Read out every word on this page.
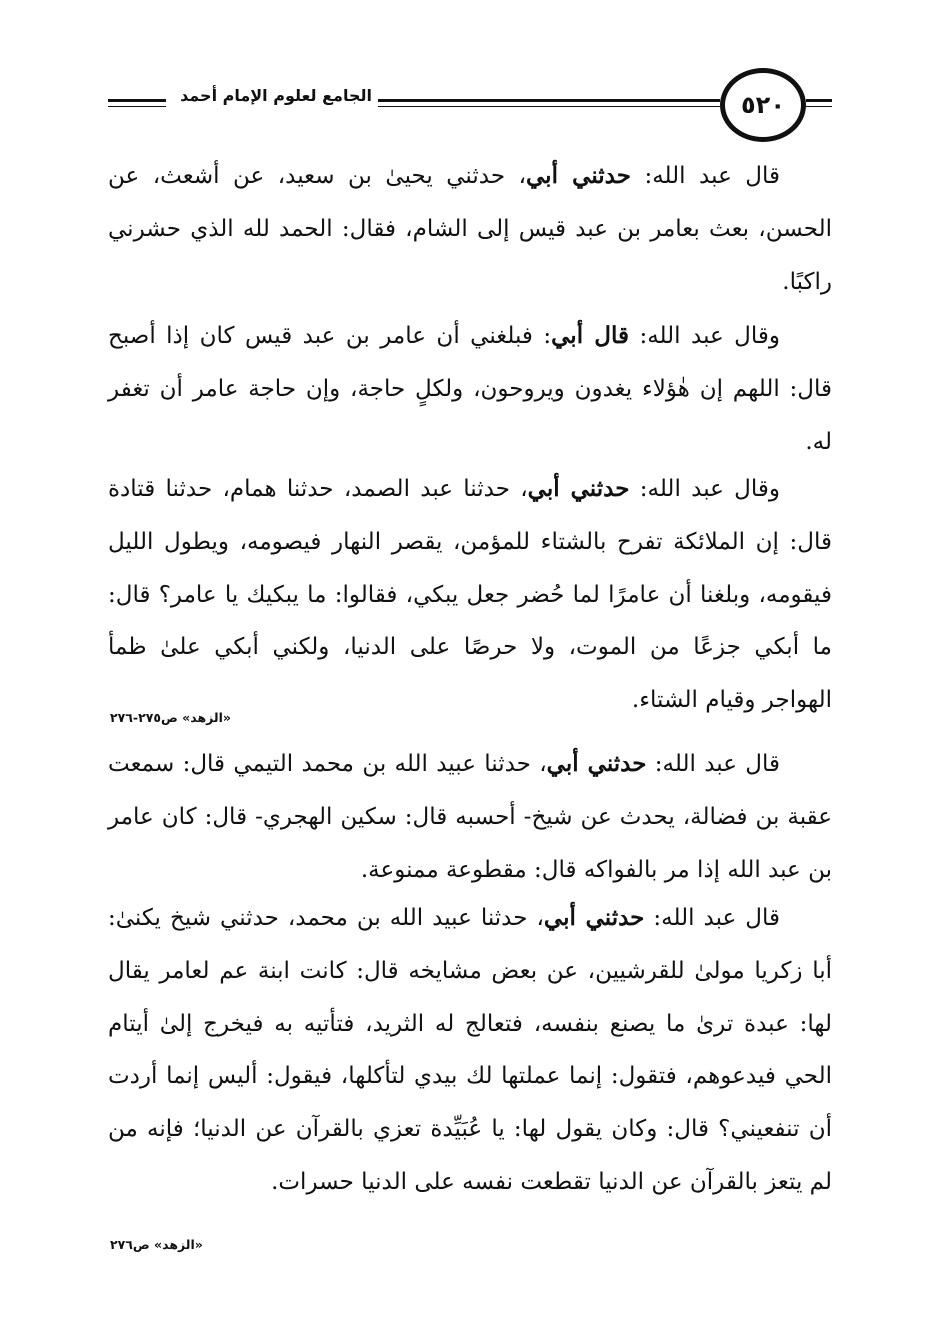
الجامع لعلوم الإمام أحمد	٥٢٠

قال عبد الله: حدثني أبي، حدثني يحيىٰ بن سعيد، عن أشعث، عن الحسن، بعث بعامر بن عبد قيس إلى الشام، فقال: الحمد لله الذي حشرني راكبًا.

وقال عبد الله: قال أبي: فبلغني أن عامر بن عبد قيس كان إذا أصبح قال: اللهم إن هٰؤلاء يغدون ويروحون، ولكلٍ حاجة، وإن حاجة عامر أن تغفر له.

وقال عبد الله: حدثني أبي، حدثنا عبد الصمد، حدثنا همام، حدثنا قتادة قال: إن الملائكة تفرح بالشتاء للمؤمن، يقصر النهار فيصومه، ويطول الليل فيقومه، وبلغنا أن عامرًا لما حُضر جعل يبكي، فقالوا: ما يبكيك يا عامر؟ قال: ما أبكي جزعًا من الموت، ولا حرصًا على الدنيا، ولكني أبكي علىٰ ظمأ الهواجر وقيام الشتاء.

«الزهد» ص٢٧٥-٢٧٦

قال عبد الله: حدثني أبي، حدثنا عبيد الله بن محمد التيمي قال: سمعت عقبة بن فضالة، يحدث عن شيخ- أحسبه قال: سكين الهجري- قال: كان عامر بن عبد الله إذا مر بالفواكه قال: مقطوعة ممنوعة.

قال عبد الله: حدثني أبي، حدثنا عبيد الله بن محمد، حدثني شيخ يكنىٰ: أبا زكريا مولىٰ للقرشيين، عن بعض مشايخه قال: كانت ابنة عم لعامر يقال لها: عبدة ترىٰ ما يصنع بنفسه، فتعالج له الثريد، فتأتيه به فيخرج إلىٰ أيتام الحي فيدعوهم، فتقول: إنما عملتها لك بيدي لتأكلها، فيقول: أليس إنما أردت أن تنفعيني؟ قال: وكان يقول لها: يا عُبَيِّدة تعزي بالقرآن عن الدنيا؛ فإنه من لم يتعز بالقرآن عن الدنيا تقطعت نفسه على الدنيا حسرات.

«الزهد» ص٢٧٦
